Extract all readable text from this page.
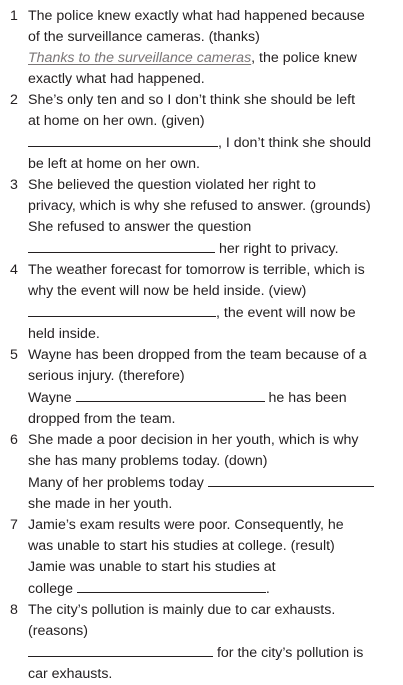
1 The police knew exactly what had happened because
of the surveillance cameras. (thanks)
Thanks to the surveillance cameras, the police knew
exactly what had happened.
2 She’s only ten and so I don’t think she should be left
at home on her own. (given)
, I don’t think she should
be left at home on her own.
3 She believed the question violated her right to
privacy, which is why she refused to answer. (grounds)
She refused to answer the question
her right to privacy.
4 The weather forecast for tomorrow is terrible, which is
why the event will now be held inside. (view)
, the event will now be
held inside.
5 Wayne has been dropped from the team because of a
serious injury. (therefore)
Wayne	he has been
dropped from the team.
6 She made a poor decision in her youth, which is why
she has many problems today. (down)
Many of her problems today
she made in her youth.
7 Jamie’s exam results were poor. Consequently, he
was unable to start his studies at college. (result)
Jamie was unable to start his studies at
college	.
8 The city’s pollution is mainly due to car exhausts.
(reasons)
for the city’s pollution is
car exhausts.
